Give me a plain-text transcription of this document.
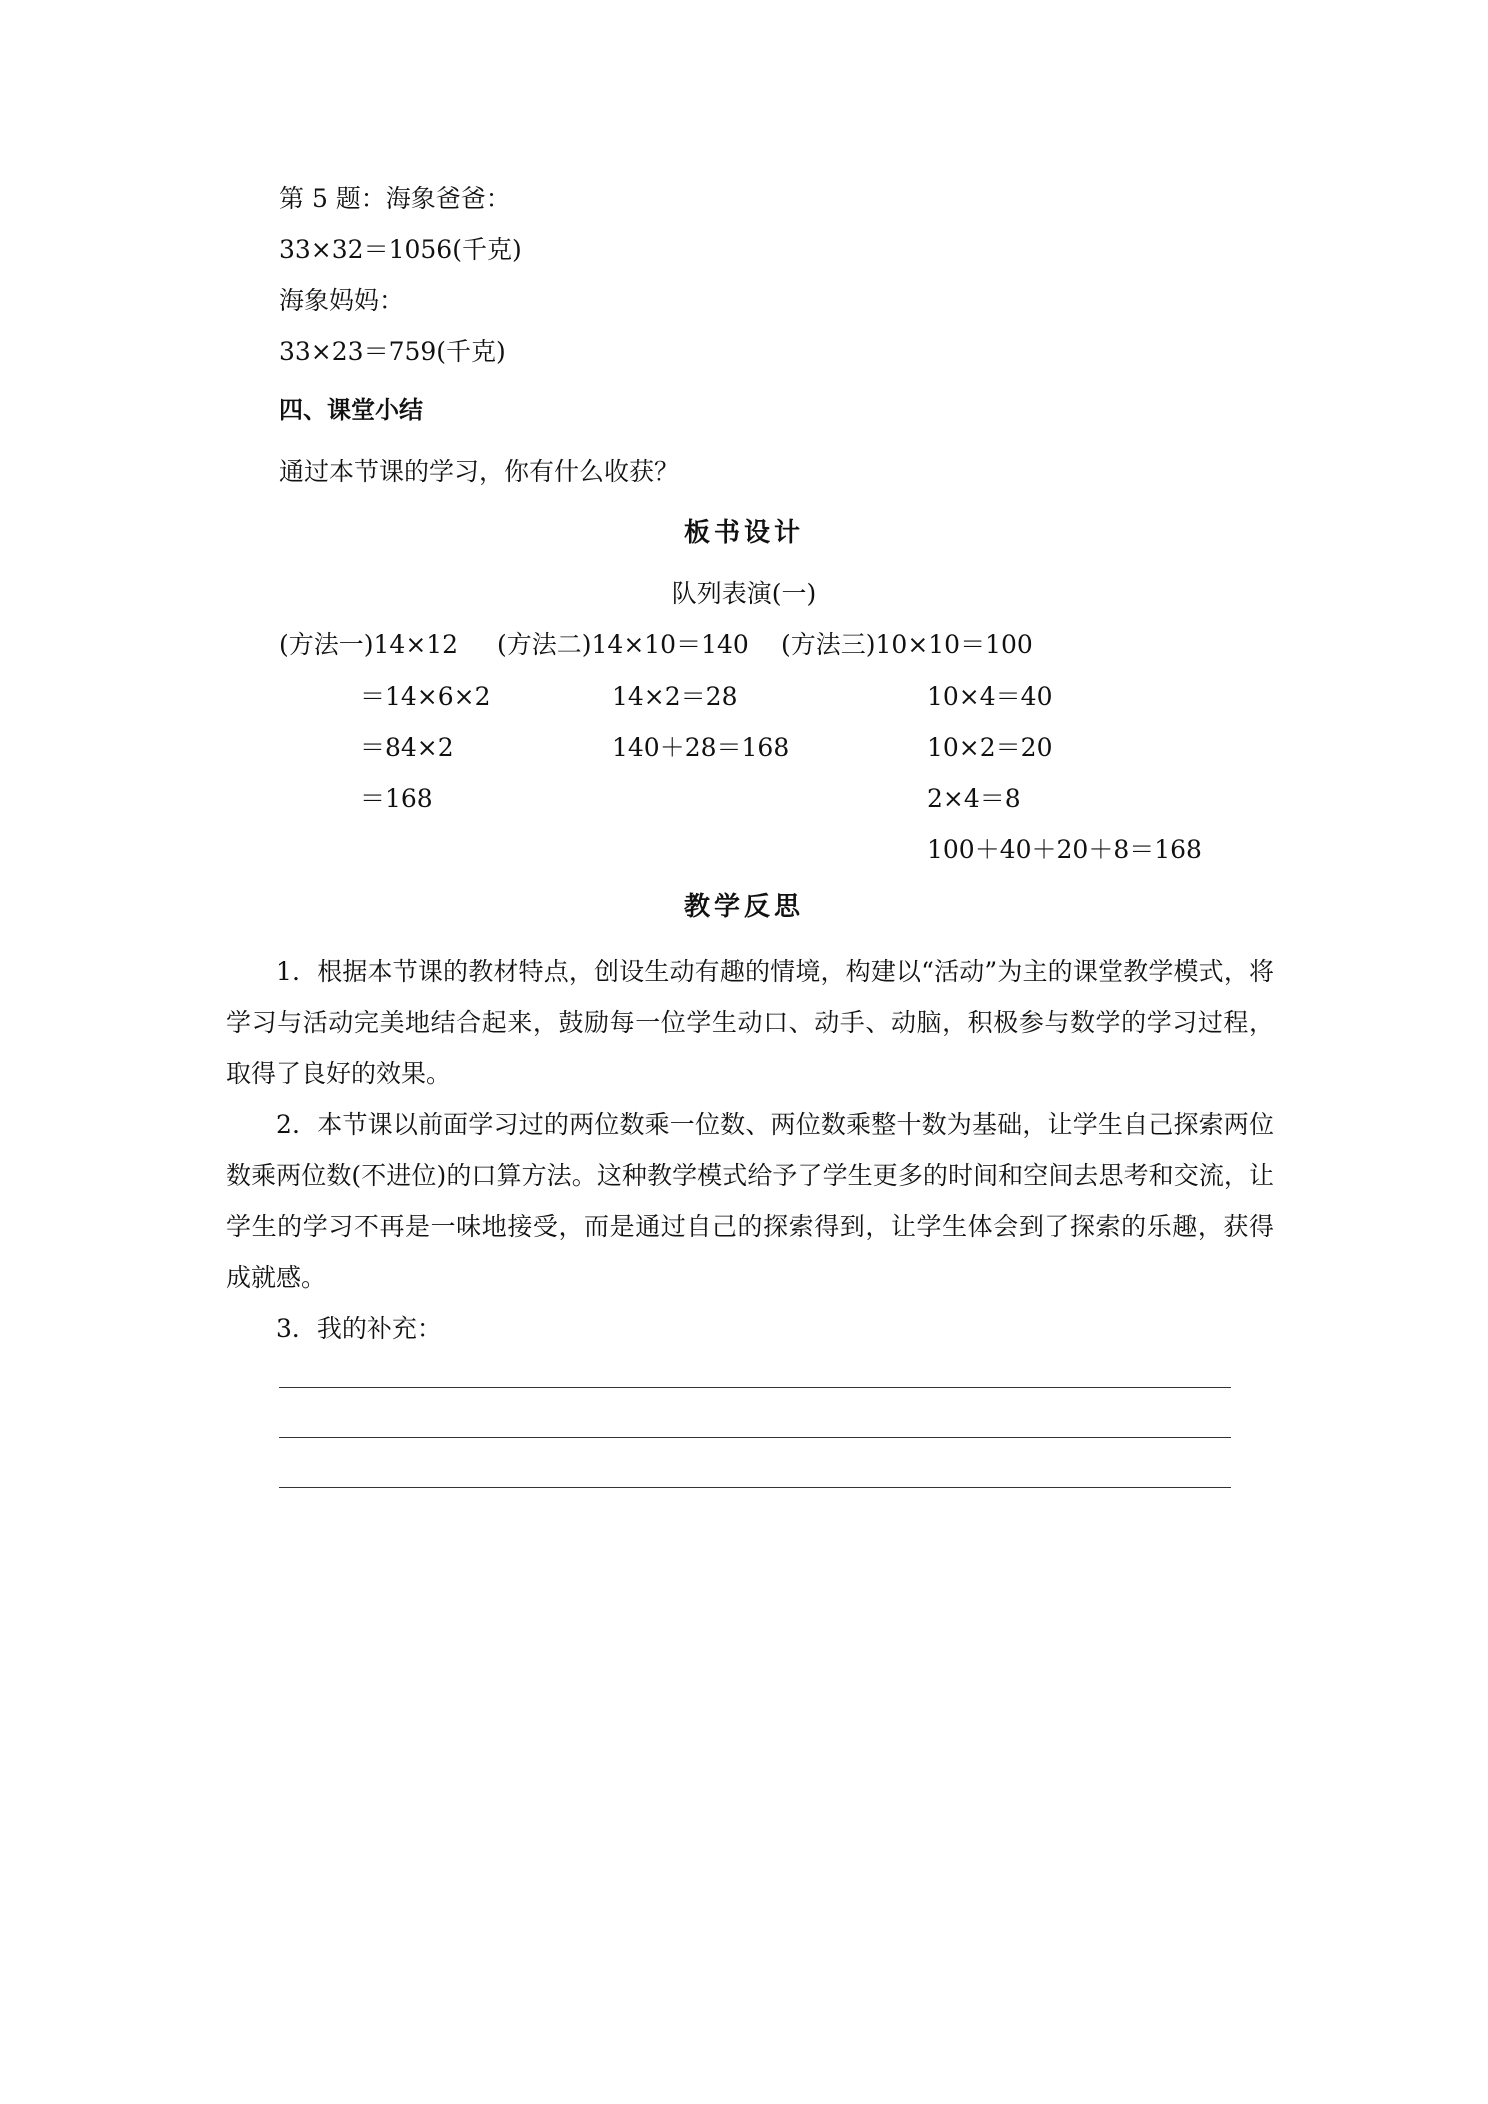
第 5 题：海象爸爸：
33×32＝1056(千克)
海象妈妈：
33×23＝759(千克)
四、课堂小结
通过本节课的学习，你有什么收获？
板书设计
队列表演(一)
(方法一)14×12
＝14×6×2
＝84×2
＝168
(方法二)14×10＝140
14×2＝28
140＋28＝168
(方法三)10×10＝100
10×4＝40
10×2＝20
2×4＝8
100＋40＋20＋8＝168
教学反思
1．根据本节课的教材特点，创设生动有趣的情境，构建以“活动”为主的课堂教学模式，将学习与活动完美地结合起来，鼓励每一位学生动口、动手、动脑，积极参与数学的学习过程，取得了良好的效果。
2．本节课以前面学习过的两位数乘一位数、两位数乘整十数为基础，让学生自己探索两位数乘两位数(不进位)的口算方法。这种教学模式给予了学生更多的时间和空间去思考和交流，让学生的学习不再是一味地接受，而是通过自己的探索得到，让学生体会到了探索的乐趣，获得成就感。
3．我的补充：
